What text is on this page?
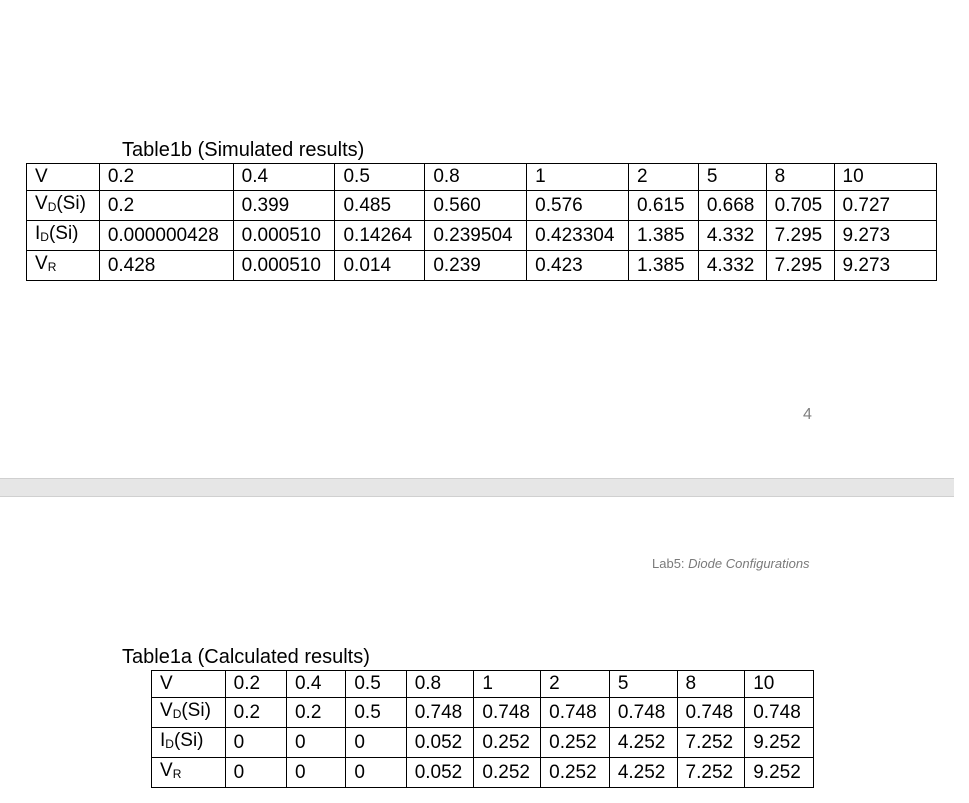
Table1b (Simulated results)
V	0.2	0.4	0.5	0.8	1	2	5	8	10
$V_D(Si)$	0.2	0.399	0.485	0.560	0.576	0.615	0.668	0.705	0.727
$I_D(Si)$	0.000000428	0.000510	0.14264	0.239504	0.423304	1.385	4.332	7.295	9.273
$V_R$	0.428	0.000510	0.014	0.239	0.423	1.385	4.332	7.295	9.273
4
Lab5: Diode Configurations
Table1a (Calculated results)
V	0.2	0.4	0.5	0.8	1	2	5	8	10
$V_D(Si)$	0.2	0.2	0.5	0.748	0.748	0.748	0.748	0.748	0.748
$I_D(Si)$	0	0	0	0.052	0.252	0.252	4.252	7.252	9.252
$V_R$	0	0	0	0.052	0.252	0.252	4.252	7.252	9.252
